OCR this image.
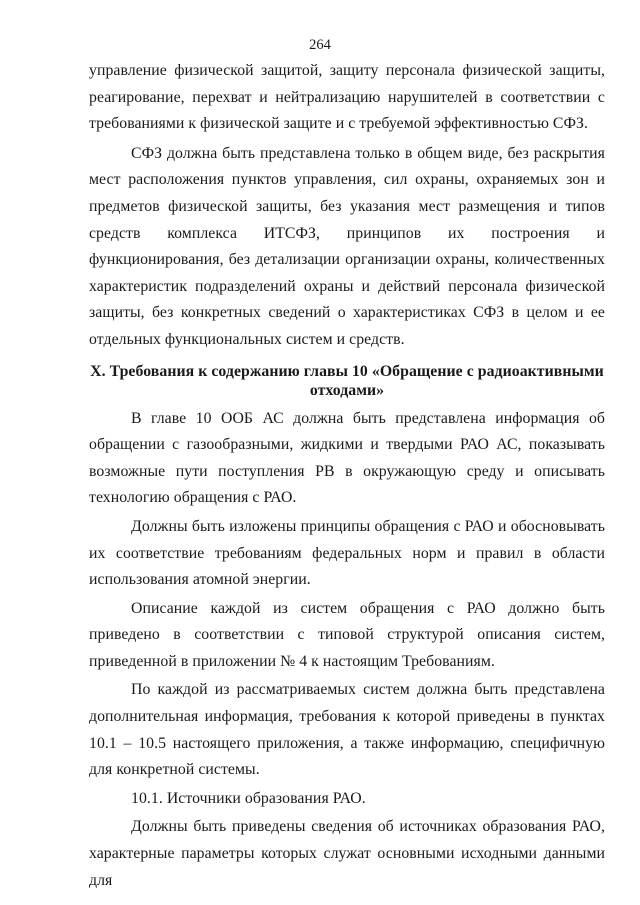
264

управление физической защитой, защиту персонала физической защиты, реагирование, перехват и нейтрализацию нарушителей в соответствии с требованиями к физической защите и с требуемой эффективностью СФЗ.

СФЗ должна быть представлена только в общем виде, без раскрытия мест расположения пунктов управления, сил охраны, охраняемых зон и предметов физической защиты, без указания мест размещения и типов средств комплекса ИТСФЗ, принципов их построения и функционирования, без детализации организации охраны, количественных характеристик подразделений охраны и действий персонала физической защиты, без конкретных сведений о характеристиках СФЗ в целом и ее отдельных функциональных систем и средств.

X. Требования к содержанию главы 10 «Обращение с радиоактивными отходами»

В главе 10 ООБ АС должна быть представлена информация об обращении с газообразными, жидкими и твердыми РАО АС, показывать возможные пути поступления РВ в окружающую среду и описывать технологию обращения с РАО.

Должны быть изложены принципы обращения с РАО и обосновывать их соответствие требованиям федеральных норм и правил в области использования атомной энергии.

Описание каждой из систем обращения с РАО должно быть приведено в соответствии с типовой структурой описания систем, приведенной в приложении № 4 к настоящим Требованиям.

По каждой из рассматриваемых систем должна быть представлена дополнительная информация, требования к которой приведены в пунктах 10.1 – 10.5 настоящего приложения, а также информацию, специфичную для конкретной системы.

10.1. Источники образования РАО.

Должны быть приведены сведения об источниках образования РАО, характерные параметры которых служат основными исходными данными для
